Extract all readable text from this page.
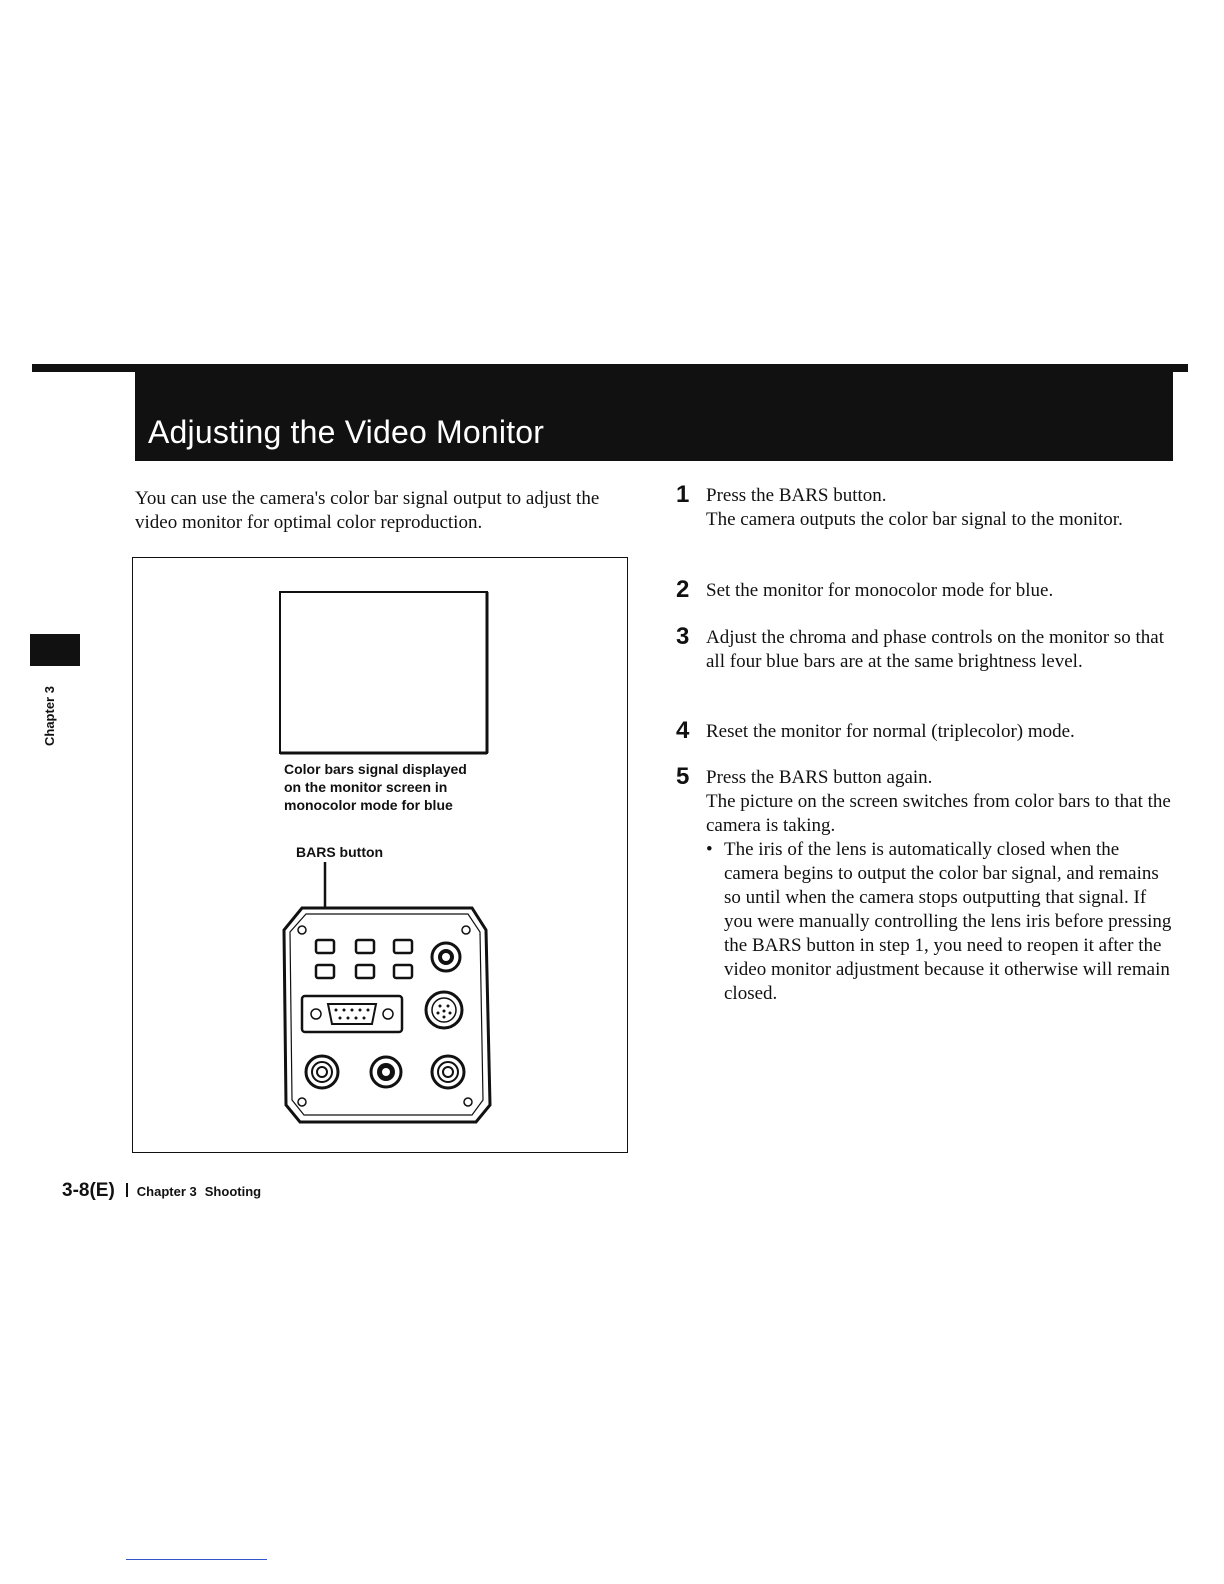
Adjusting the Video Monitor
Chapter 3
You can use the camera's color bar signal output to adjust the video monitor for optimal color reproduction.
Color bars signal displayed
on the monitor screen in
monocolor mode for blue
BARS button
1 Press the BARS button.

The camera outputs the color bar signal to the monitor.

2 Set the monitor for monocolor mode for blue.

3 Adjust the chroma and phase controls on the monitor so that all four blue bars are at the same brightness level.

4 Reset the monitor for normal (triplecolor) mode.

5 Press the BARS button again.

The picture on the screen switches from color bars to that the camera is taking.

• The iris of the lens is automatically closed when the camera begins to output the color bar signal, and remains so until when the camera stops outputting that signal. If you were manually controlling the lens iris before pressing the BARS button in step 1, you need to reopen it after the video monitor adjustment because it otherwise will remain closed.
3-8(E) Chapter 3 Shooting
